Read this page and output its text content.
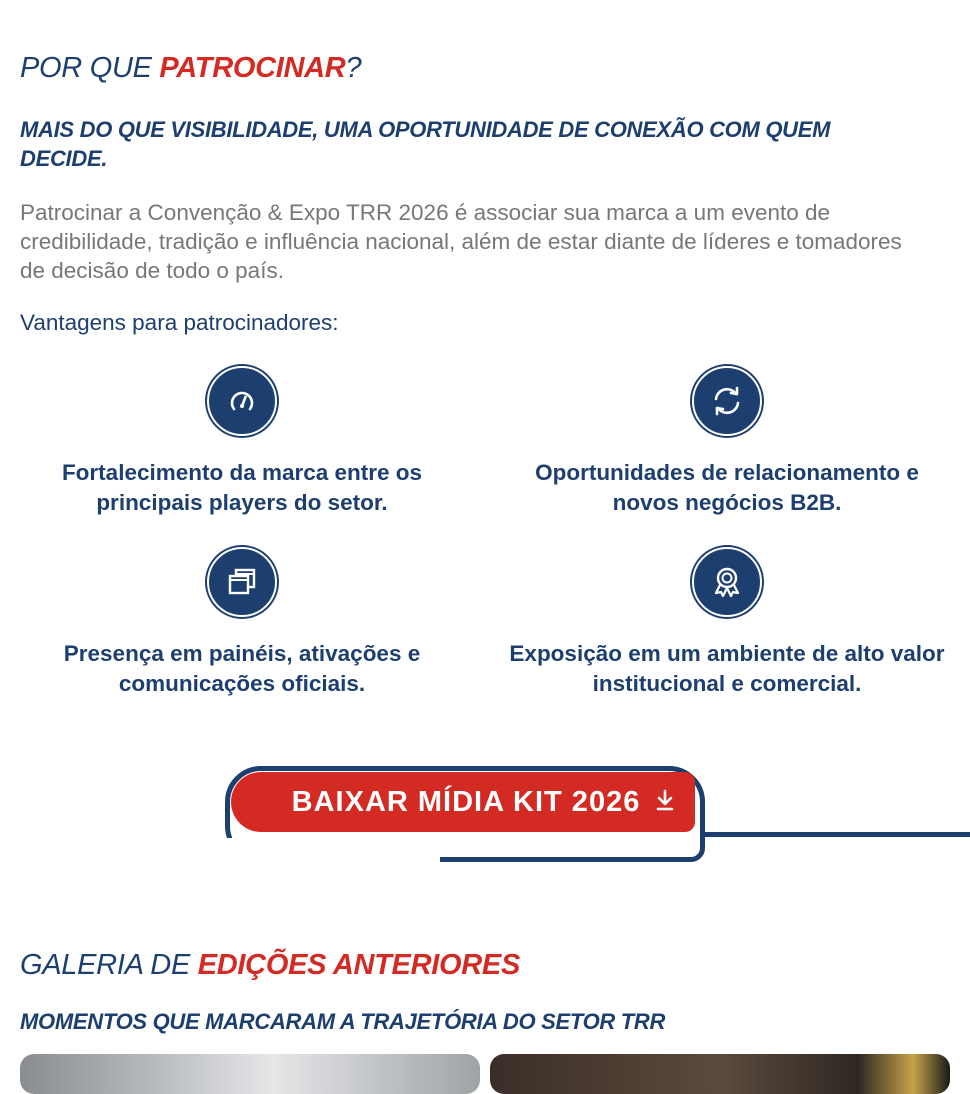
POR QUE PATROCINAR?

MAIS DO QUE VISIBILIDADE, UMA OPORTUNIDADE DE CONEXÃO COM QUEM DECIDE.

Patrocinar a Convenção & Expo TRR 2026 é associar sua marca a um evento de credibilidade, tradição e influência nacional, além de estar diante de líderes e tomadores de decisão de todo o país.

Vantagens para patrocinadores:

Fortalecimento da marca entre os principais players do setor.
Oportunidades de relacionamento e novos negócios B2B.
Presença em painéis, ativações e comunicações oficiais.
Exposição em um ambiente de alto valor institucional e comercial.
BAIXAR MÍDIA KIT 2026
GALERIA DE EDIÇÕES ANTERIORES

MOMENTOS QUE MARCARAM A TRAJETÓRIA DO SETOR TRR
